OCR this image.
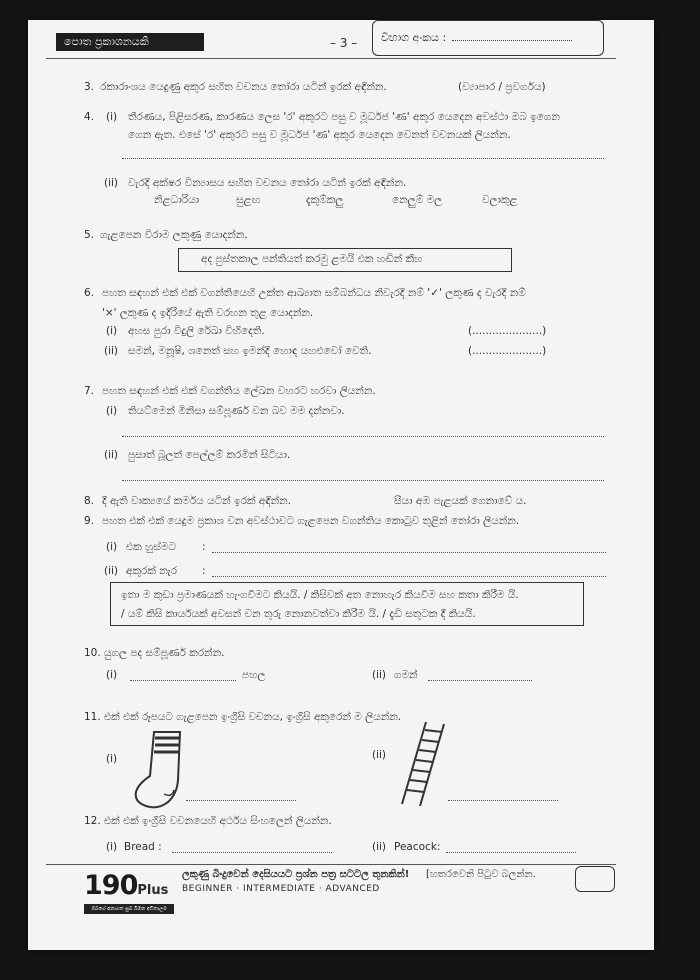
පොත ප්‍රකාශනයකි	– 3 –	විභාග අංකය :
3. රකාරාංශය යෙදුණු අකුර සහිත වචනය තෝරා යටින් ඉරක් අඳින්න.	(ව්‍යාපාර / ප්‍රවර්ගය)
4. (i) තීරණය, පිළිසරණ, කාරණය ලෙස 'ර' අකුරට පසු ව මූර්ධජ 'ණ' අකුර යෙදෙන අවස්ථා ඔබ ඉගෙන
ගෙන ඇත. එසේ 'ර' අකුරට පසු ව මූර්ධජ 'ණ' අකුර යෙදෙන වෙනත් වචනයක් ලියන්න.
(ii) වැරදි අක්ෂර වින්‍යාසය සහිත වචනය තෝරා යටින් ඉරක් අඳින්න.
නිළධාරියා	සුළඟ	දැකුම්කලු	නෙලුම් මල	වලාකුළ
5. ගැළපෙන විරාම ලකුණු යොදන්න.
අද පුස්තකාල පන්තියත් කරමු ළමයි එක හඬින් කීහ
6. පහත සඳහන් එක් එක් වගන්තියෙහි උක්ත ආඛ්‍යාත සම්බන්ධය නිවැරදි නම් '✓' ලකුණ ද වැරදි නම්
'×' ලකුණ ද ඉදිරියේ ඇති වරහන තුළ යොදන්න.
(i) අහස පුරා විදුලි රේඛා විහිදෙති.	(.....................)
(ii) සමන්, මනූෂි, ශනෙත් සහ ඉමන්දි හොඳ යහළුවෝ වෙති.	(.....................)
7. පහත සඳහන් එක් එක් වගන්තිය ලේඛන වහරට හරවා ලියන්න.
(i) තියට්මෙන් මිනිසා සම්පූර්ණ වන බව මම දන්නවා.
(ii) පුසාත් බූලත් පෙල්ලම් කරමින් සිටියා.
8. දී ඇති වාක්‍යයේ කර්මය යටින් ඉරක් අඳින්න.	සීයා අඹ පැළයක් ගෙනාවේ ය.
9. පහත එක් එක් යෙදුම ප්‍රකාශ වන අවස්ථාවට ගැළපෙන වගන්තිය කොටුව තුළින් තෝරා ලියන්න.
(i) එක හුස්මට :
(ii) අකුරක් නැර :
ඉතා ම කුඩා ප්‍රමාණයක් හැංගවීමට කියයි. / කිසිවක් අත නොහැර කියවීම සහ කතා කිරීම යි.
/ යම් කිසි කාර්යයක් අවසන් වන තුරු නොනවත්වා කිරීම යි. / දැඩි සතුටක දී කියයි.
10. යුගල පද සම්පූර්ණ කරන්න.
(i)	පහල	(ii) ගමන්
11. එක් එක් රූපයට ගැළපෙන ඉංග්‍රීසි වචනය, ඉංග්‍රීසි අකුරෙන් ම ලියන්න.
(i)	(ii)
12. එක් එක් ඉංග්‍රීසි වචනයෙහි අර්ථය සිංහලෙන් ලියන්න.
(i) Bread :	(ii) Peacock:
190Plus
ඔබගේ අනාගත සුබ බිමක අඩිතාලම
ලකුණු බිංදුවෙන් දෙසියයට ප්‍රශ්න පත්‍ර සටටල තුනකින්!
BEGINNER · INTERMEDIATE · ADVANCED
[හතරවෙනි පිටුව බලන්න.
